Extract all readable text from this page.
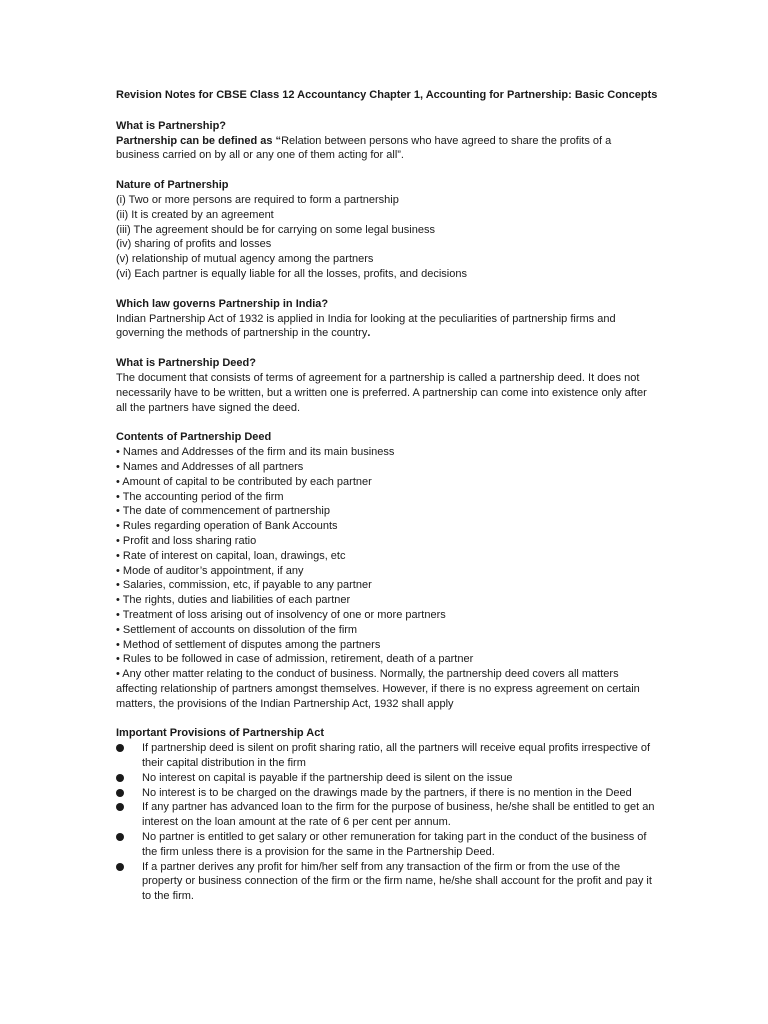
Revision Notes for CBSE Class 12 Accountancy Chapter 1, Accounting for Partnership: Basic Concepts
What is Partnership?
Partnership can be defined as “Relation between persons who have agreed to share the profits of a business carried on by all or any one of them acting for all”.
Nature of Partnership
(i) Two or more persons are required to form a partnership
(ii) It is created by an agreement
(iii) The agreement should be for carrying on some legal business
(iv) sharing of profits and losses
(v) relationship of mutual agency among the partners
(vi) Each partner is equally liable for all the losses, profits, and decisions
Which law governs Partnership in India?
Indian Partnership Act of 1932 is applied in India for looking at the peculiarities of partnership firms and governing the methods of partnership in the country.
What is Partnership Deed?
The document that consists of terms of agreement for a partnership is called a partnership deed. It does not necessarily have to be written, but a written one is preferred. A partnership can come into existence only after all the partners have signed the deed.
Contents of Partnership Deed
• Names and Addresses of the firm and its main business
• Names and Addresses of all partners
• Amount of capital to be contributed by each partner
• The accounting period of the firm
• The date of commencement of partnership
• Rules regarding operation of Bank Accounts
• Profit and loss sharing ratio
• Rate of interest on capital, loan, drawings, etc
• Mode of auditor’s appointment, if any
• Salaries, commission, etc, if payable to any partner
• The rights, duties and liabilities of each partner
• Treatment of loss arising out of insolvency of one or more partners
• Settlement of accounts on dissolution of the firm
• Method of settlement of disputes among the partners
• Rules to be followed in case of admission, retirement, death of a partner
• Any other matter relating to the conduct of business. Normally, the partnership deed covers all matters affecting relationship of partners amongst themselves. However, if there is no express agreement on certain matters, the provisions of the Indian Partnership Act, 1932 shall apply
Important Provisions of Partnership Act
If partnership deed is silent on profit sharing ratio, all the partners will receive equal profits irrespective of their capital distribution in the firm
No interest on capital is payable if the partnership deed is silent on the issue
No interest is to be charged on the drawings made by the partners, if there is no mention in the Deed
If any partner has advanced loan to the firm for the purpose of business, he/she shall be entitled to get an interest on the loan amount at the rate of 6 per cent per annum.
No partner is entitled to get salary or other remuneration for taking part in the conduct of the business of the firm unless there is a provision for the same in the Partnership Deed.
If a partner derives any profit for him/her self from any transaction of the firm or from the use of the property or business connection of the firm or the firm name, he/she shall account for the profit and pay it to the firm.
